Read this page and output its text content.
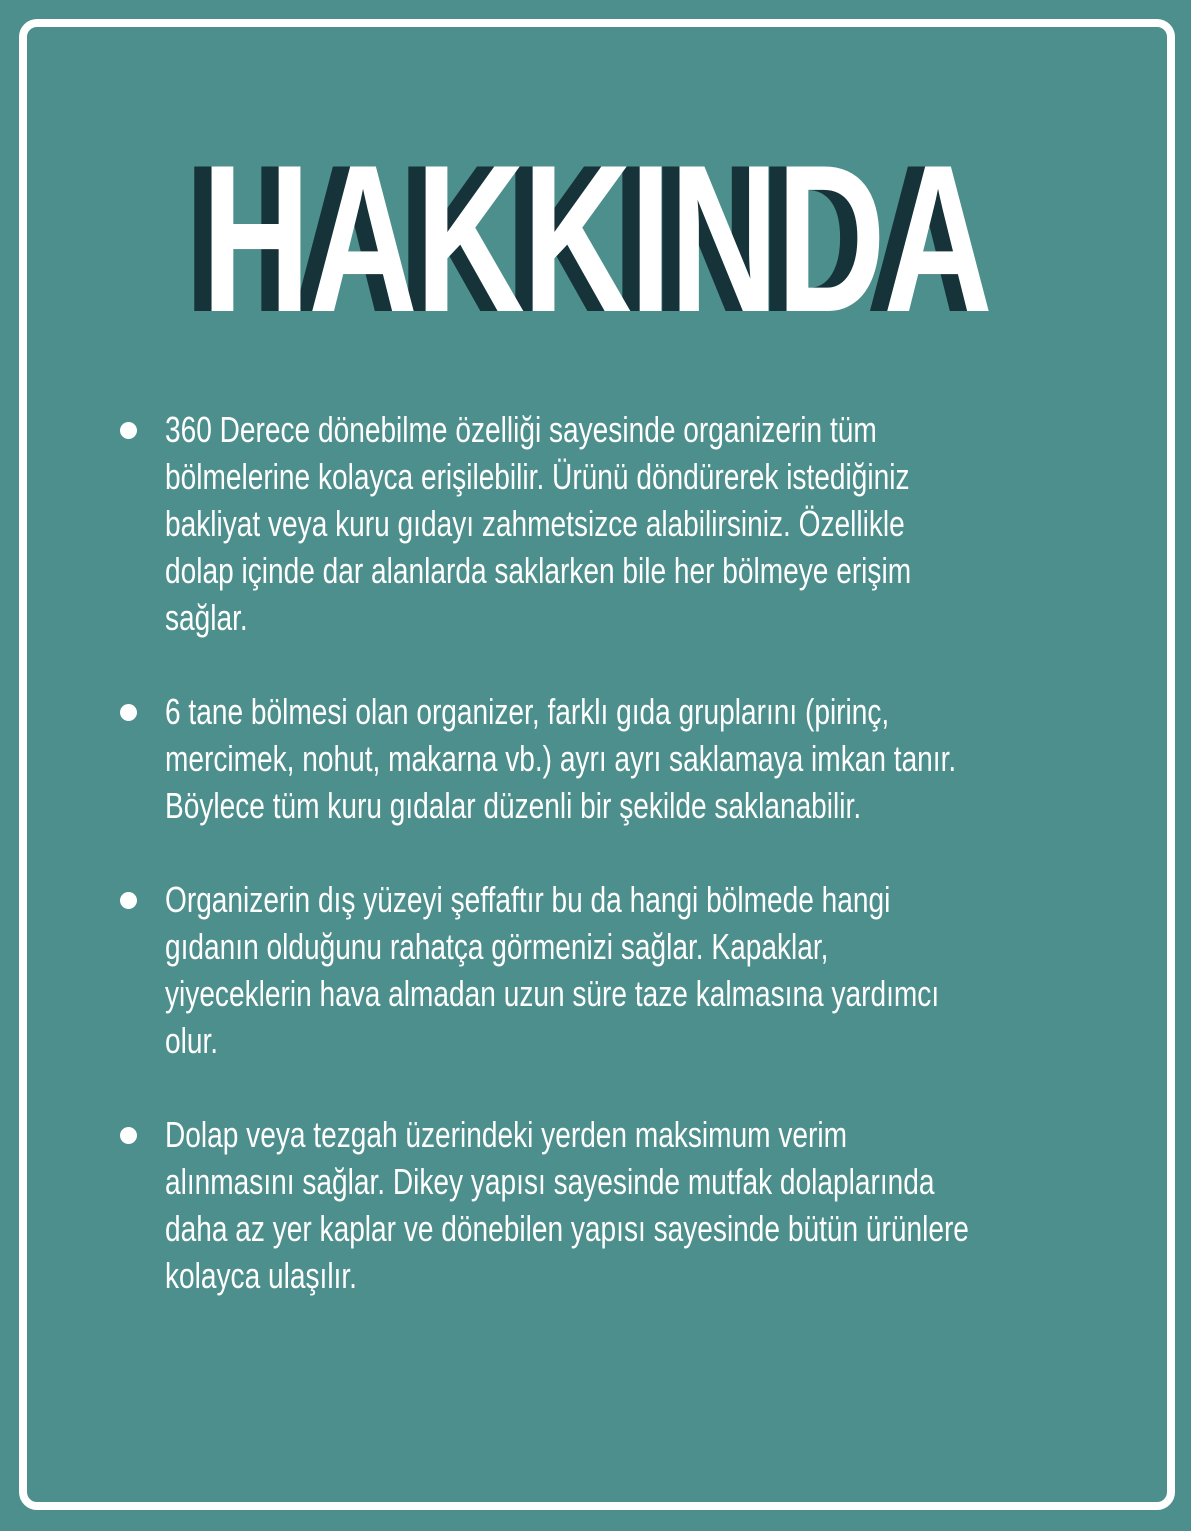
HAKKINDA
360 Derece dönebilme özelliği sayesinde organizerin tüm
bölmelerine kolayca erişilebilir. Ürünü döndürerek istediğiniz
bakliyat veya kuru gıdayı zahmetsizce alabilirsiniz. Özellikle
dolap içinde dar alanlarda saklarken bile her bölmeye erişim
sağlar.
6 tane bölmesi olan organizer, farklı gıda gruplarını (pirinç,
mercimek, nohut, makarna vb.) ayrı ayrı saklamaya imkan tanır.
Böylece tüm kuru gıdalar düzenli bir şekilde saklanabilir.
Organizerin dış yüzeyi şeffaftır bu da hangi bölmede hangi
gıdanın olduğunu rahatça görmenizi sağlar. Kapaklar,
yiyeceklerin hava almadan uzun süre taze kalmasına yardımcı
olur.
Dolap veya tezgah üzerindeki yerden maksimum verim
alınmasını sağlar. Dikey yapısı sayesinde mutfak dolaplarında
daha az yer kaplar ve dönebilen yapısı sayesinde bütün ürünlere
kolayca ulaşılır.
